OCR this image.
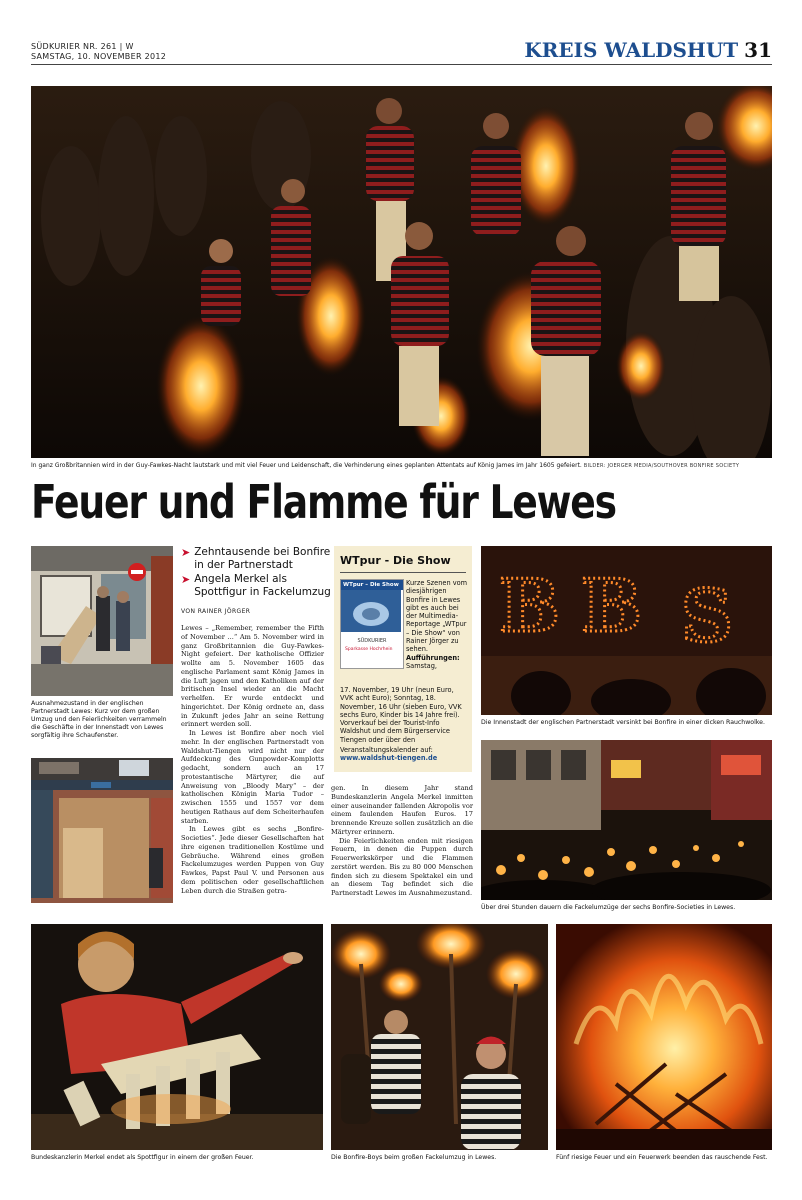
SÜDKURIER NR. 261 | W
SAMSTAG, 10. NOVEMBER 2012	KREIS WALDSHUT 31
In ganz Großbritannien wird in der Guy-Fawkes-Nacht lautstark und mit viel Feuer und Leidenschaft, die Verhinderung eines geplanten Attentats auf König James im Jahr 1605 gefeiert. BILDER: JOERGER MEDIA/SOUTHOVER BONFIRE SOCIETY
Feuer und Flamme für Lewes
Ausnahmezustand in der englischen Partnerstadt Lewes: Kurz vor dem großen Umzug und den Feierlichkeiten verrammeln die Geschäfte in der Innenstadt von Lewes sorgfältig ihre Schaufenster.
➤ Zehntausende bei Bonfire in der Partnerstadt
➤ Angela Merkel als Spottfigur in Fackelumzug
VON RAINER JÖRGER

Lewes – „Remember, remember the Fifth of November ...“ Am 5. November wird in ganz Großbritannien die Guy-Fawkes-Night gefeiert. Der katholische Offizier wollte am 5. November 1605 das englische Parlament samt König James in die Luft jagen und den Katholiken auf der britischen Insel wieder an die Macht verhelfen. Er wurde entdeckt und hingerichtet. Der König ordnete an, dass in Zukunft jedes Jahr an seine Rettung erinnert werden soll.

In Lewes ist Bonfire aber noch viel mehr. In der englischen Partnerstadt von Waldshut-Tiengen wird nicht nur der Aufdeckung des Gunpowder-Komplotts gedacht, sondern auch an 17 protestantische Märtyrer, die auf Anweisung von „Bloody Mary“ – der katholischen Königin Maria Tudor – zwischen 1555 und 1557 vor dem heutigen Rathaus auf dem Scheiterhaufen starben.

In Lewes gibt es sechs „Bonfire-Societies“. Jede dieser Gesellschaften hat ihre eigenen traditionellen Kostüme und Gebräuche. Während eines großen Fackelumzuges werden Puppen von Guy Fawkes, Papst Paul V. und Personen aus dem politischen oder gesellschaftlichen Leben durch die Straßen getra-

WTpur - Die Show
WTpur – Die Show
SÜDKURIER
Sparkasse Hochrhein
Kurze Szenen vom diesjährigen Bonfire in Lewes gibt es auch bei der Multimedia-Reportage „WTpur – Die Show“ von Rainer Jörger zu sehen.
Aufführungen:
Samstag,
17. November, 19 Uhr (neun Euro, VVK acht Euro); Sonntag, 18. November, 16 Uhr (sieben Euro, VVK sechs Euro, Kinder bis 14 Jahre frei). Vorverkauf bei der Tourist-Info Waldshut und dem Bürgerservice Tiengen oder über den
Veranstaltungskalender auf:
www.waldshut-tiengen.de

gen. In diesem Jahr stand Bundeskanzlerin Angela Merkel inmitten einer auseinander fallenden Akropolis vor einem faulenden Haufen Euros. 17 brennende Kreuze sollen zusätzlich an die Märtyrer erinnern.

Die Feierlichkeiten enden mit riesigen Feuern, in denen die Puppen durch Feuerwerkskörper und die Flammen zerstört werden. Bis zu 80 000 Menschen finden sich zu diesem Spektakel ein und an diesem Tag befindet sich die Partnerstadt Lewes im Ausnahmezustand.

B B S
Die Innenstadt der englischen Partnerstadt versinkt bei Bonfire in einer dicken Rauchwolke.
Über drei Stunden dauern die Fackelumzüge der sechs Bonfire-Societies in Lewes.
Bundeskanzlerin Merkel endet als Spottfigur in einem der großen Feuer.	Die Bonfire-Boys beim großen Fackelumzug in Lewes.	Fünf riesige Feuer und ein Feuerwerk beenden das rauschende Fest.
